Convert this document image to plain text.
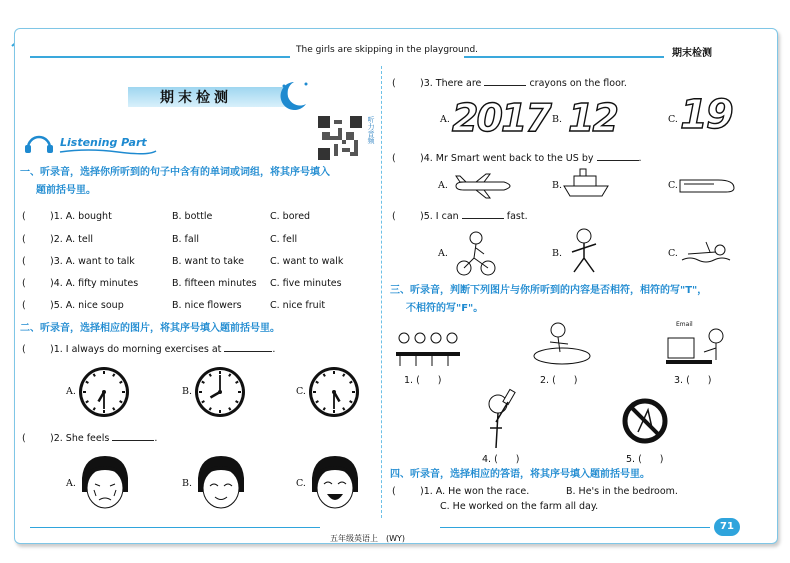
The girls are skipping in the playground.	期末检测
期末检测
听力音频
Listening Part
一、听录音，选择你所听到的句子中含有的单词或词组，将其序号填入
题前括号里。
(	)1. A. bought	B. bottle	C. bored
(	)2. A. tell	B. fall	C. fell
(	)3. A. want to talk	B. want to take	C. want to walk
(	)4. A. fifty minutes	B. fifteen minutes C. five minutes
(	)5. A. nice soup	B. nice flowers	C. nice fruit
二、听录音，选择相应的图片，将其序号填入题前括号里。
(	)1. I always do morning exercises at	.
A.	B.	C.
(	)2. She feels	.
A.	B.	C.
(	)3. There are	crayons on the floor.
A.	B.	C.
2017 12 19
(	)4. Mr Smart went back to the US by	.
A.	B.	C.
(	)5. I can	fast.
A.	B.	C.
三、听录音，判断下列图片与你所听到的内容是否相符，相符的写"T"，
不相符的写"F"。
Email
1. ( )	2. ( )	3. ( )
4. ( )	5. ( )
四、听录音，选择相应的答语，将其序号填入题前括号里。
(	)1. A. He won the race.	B. He's in the bedroom.
C. He worked on the farm all day.
五年级英语上　(WY)
71
